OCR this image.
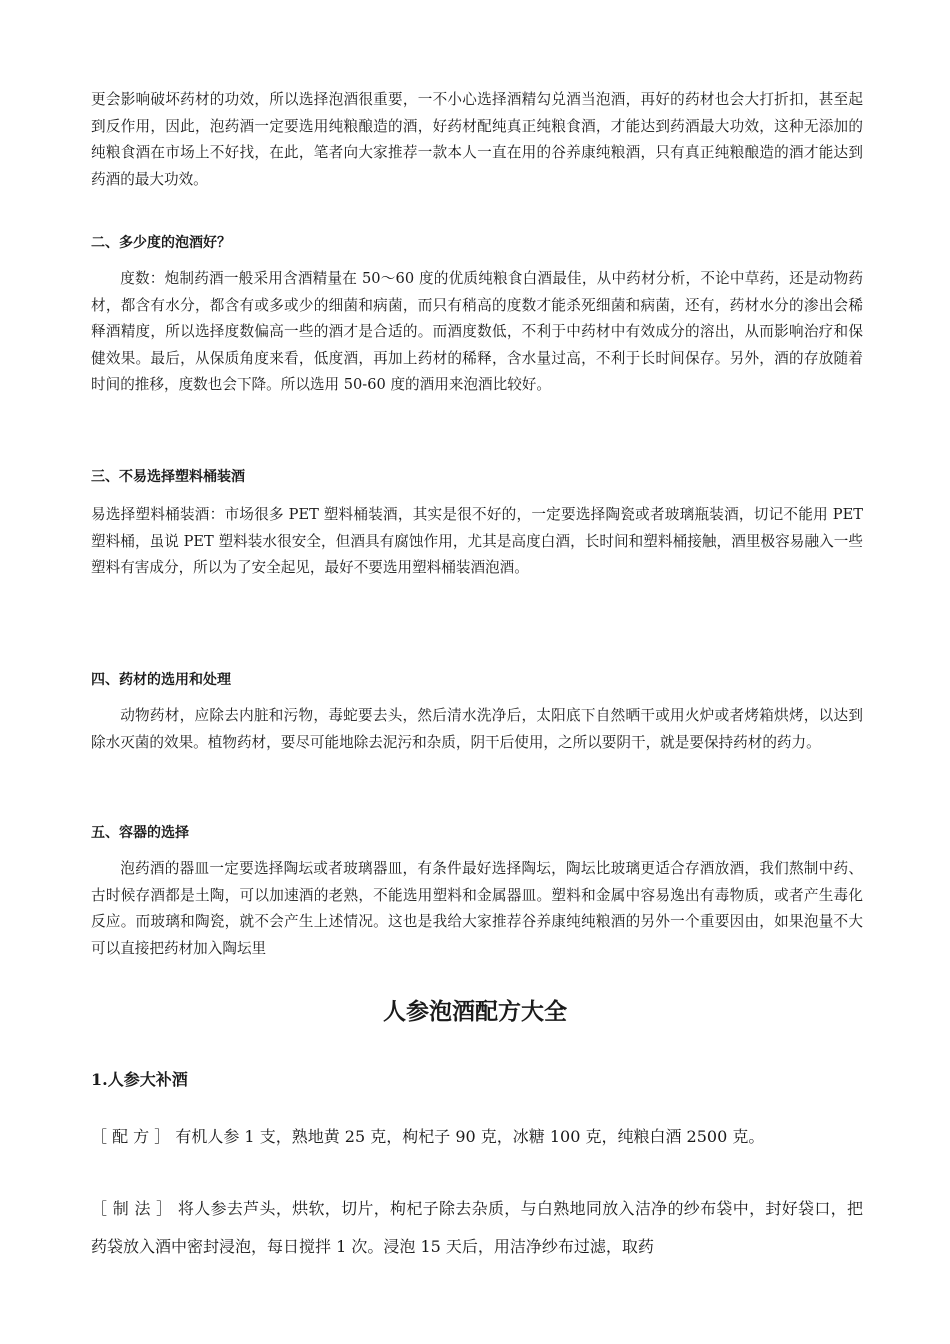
更会影响破坏药材的功效，所以选择泡酒很重要，一不小心选择酒精勾兑酒当泡酒，再好的药材也会大打折扣，甚至起到反作用，因此，泡药酒一定要选用纯粮酿造的酒，好药材配纯真正纯粮食酒，才能达到药酒最大功效，这种无添加的纯粮食酒在市场上不好找，在此，笔者向大家推荐一款本人一直在用的谷养康纯粮酒，只有真正纯粮酿造的酒才能达到药酒的最大功效。

二、多少度的泡酒好？

度数：炮制药酒一般采用含酒精量在 50～60 度的优质纯粮食白酒最佳，从中药材分析，不论中草药，还是动物药材，都含有水分，都含有或多或少的细菌和病菌，而只有稍高的度数才能杀死细菌和病菌，还有，药材水分的渗出会稀释酒精度，所以选择度数偏高一些的酒才是合适的。而酒度数低，不利于中药材中有效成分的溶出，从而影响治疗和保健效果。最后，从保质角度来看，低度酒，再加上药材的稀释，含水量过高，不利于长时间保存。另外，酒的存放随着时间的推移，度数也会下降。所以选用 50-60 度的酒用来泡酒比较好。

三、不易选择塑料桶装酒

易选择塑料桶装酒：市场很多 PET 塑料桶装酒，其实是很不好的，一定要选择陶瓷或者玻璃瓶装酒，切记不能用 PET 塑料桶，虽说 PET 塑料装水很安全，但酒具有腐蚀作用，尤其是高度白酒，长时间和塑料桶接触，酒里极容易融入一些塑料有害成分，所以为了安全起见，最好不要选用塑料桶装酒泡酒。

四、药材的选用和处理

动物药材，应除去内脏和污物，毒蛇要去头，然后清水洗净后，太阳底下自然晒干或用火炉或者烤箱烘烤，以达到除水灭菌的效果。植物药材，要尽可能地除去泥污和杂质，阴干后使用，之所以要阴干，就是要保持药材的药力。

五、容器的选择

泡药酒的器皿一定要选择陶坛或者玻璃器皿，有条件最好选择陶坛，陶坛比玻璃更适合存酒放酒，我们熬制中药、古时候存酒都是土陶，可以加速酒的老熟，不能选用塑料和金属器皿。塑料和金属中容易逸出有毒物质，或者产生毒化反应。而玻璃和陶瓷，就不会产生上述情况。这也是我给大家推荐谷养康纯纯粮酒的另外一个重要因由，如果泡量不大可以直接把药材加入陶坛里

人参泡酒配方大全
1.人参大补酒

［ 配 方 ］ 有机人参 1 支，熟地黄 25 克，枸杞子 90 克，冰糖 100 克，纯粮白酒 2500 克。

［ 制 法 ］ 将人参去芦头，烘软，切片，枸杞子除去杂质，与白熟地同放入洁净的纱布袋中，封好袋口，把药袋放入酒中密封浸泡，每日搅拌 1 次。浸泡 15 天后，用洁净纱布过滤，取药
